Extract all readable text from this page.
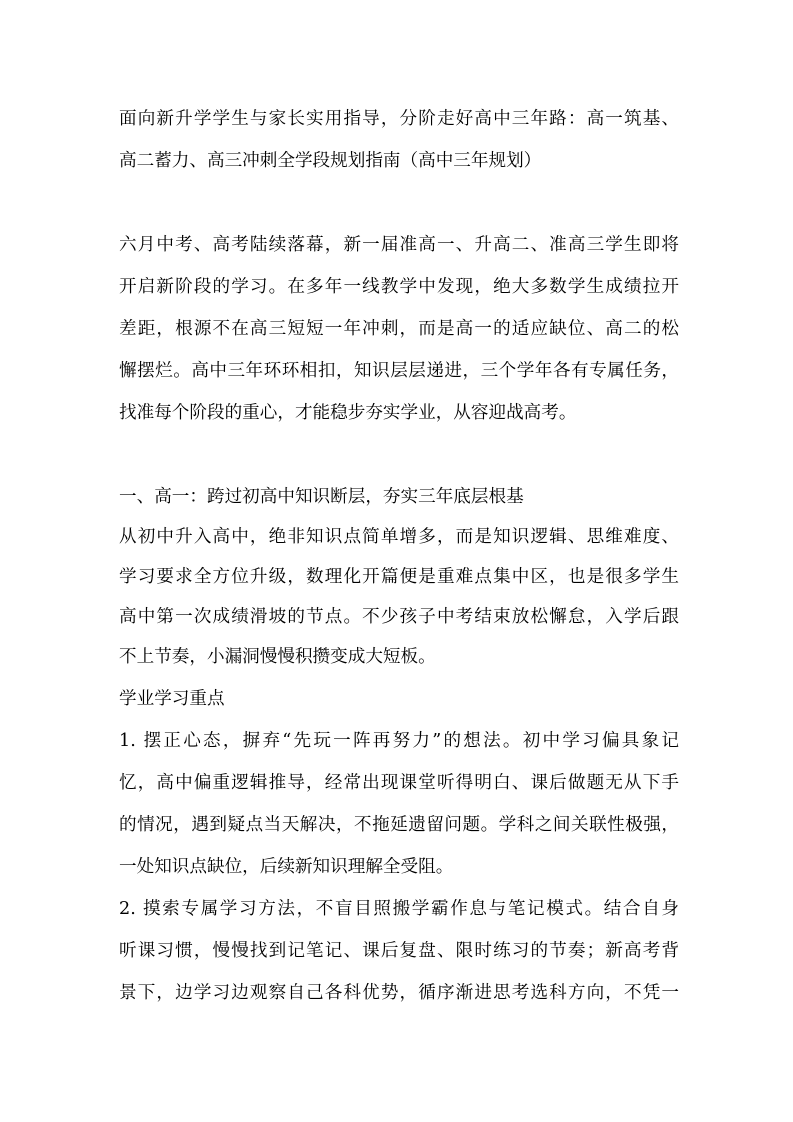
面向新升学学生与家长实用指导，分阶走好高中三年路：高一筑基、
高二蓄力、高三冲刺全学段规划指南（高中三年规划）
六月中考、高考陆续落幕，新一届准高一、升高二、准高三学生即将
开启新阶段的学习。在多年一线教学中发现，绝大多数学生成绩拉开
差距，根源不在高三短短一年冲刺，而是高一的适应缺位、高二的松
懈摆烂。高中三年环环相扣，知识层层递进，三个学年各有专属任务，
找准每个阶段的重心，才能稳步夯实学业，从容迎战高考。
一、高一：跨过初高中知识断层，夯实三年底层根基
从初中升入高中，绝非知识点简单增多，而是知识逻辑、思维难度、
学习要求全方位升级，数理化开篇便是重难点集中区，也是很多学生
高中第一次成绩滑坡的节点。不少孩子中考结束放松懈怠，入学后跟
不上节奏，小漏洞慢慢积攒变成大短板。
学业学习重点
1. 摆正心态，摒弃“先玩一阵再努力”的想法。初中学习偏具象记
忆，高中偏重逻辑推导，经常出现课堂听得明白、课后做题无从下手
的情况，遇到疑点当天解决，不拖延遗留问题。学科之间关联性极强，
一处知识点缺位，后续新知识理解全受阻。
2. 摸索专属学习方法，不盲目照搬学霸作息与笔记模式。结合自身
听课习惯，慢慢找到记笔记、课后复盘、限时练习的节奏；新高考背
景下，边学习边观察自己各科优势，循序渐进思考选科方向，不凭一
